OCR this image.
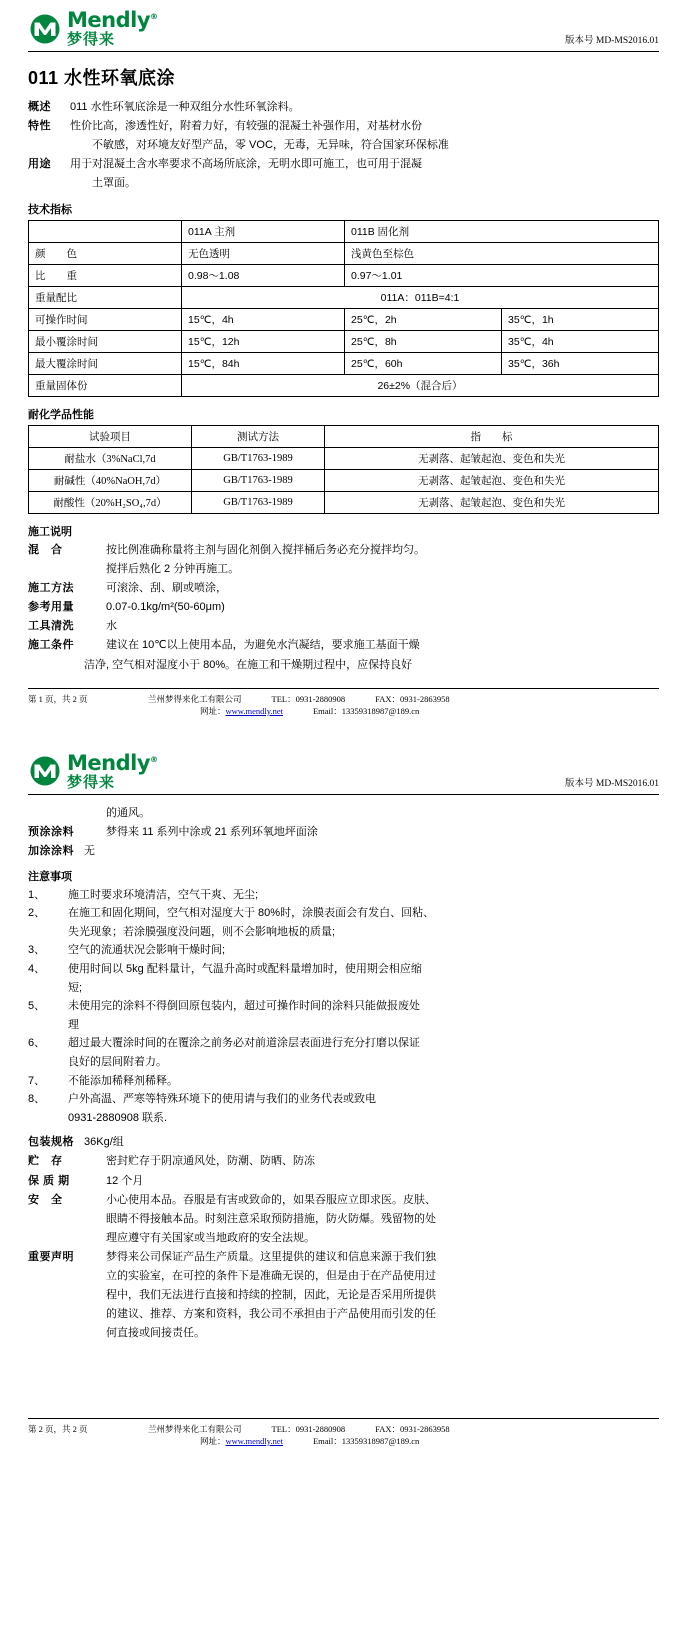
Mendly®
梦得来	版本号 MD-MS2016.01
011 水性环氧底涂
概述	011 水性环氧底涂是一种双组分水性环氧涂料。
特性	性价比高，渗透性好，附着力好，有较强的混凝土补强作用，对基材水份
不敏感，对环境友好型产品，零 VOC，无毒，无异味，符合国家环保标准
用途	用于对混凝土含水率要求不高场所底涂，无明水即可施工，也可用于混凝
土罩面。
技术指标
	011A 主剂	011B 固化剂	
颜　　色	无色透明	浅黄色至棕色	
比　　重	0.98～1.08	0.97～1.01	
重量配比	011A：011B=4:1		
可操作时间	15℃，4h	25℃，2h	35℃，1h
最小覆涂时间	15℃，12h	25℃，8h	35℃，4h
最大覆涂时间	15℃，84h	25℃，60h	35℃，36h
重量固体份	26±2%（混合后）		
耐化学品性能
试验项目	测试方法	指　　标
耐盐水（3%NaCl,7d	GB/T1763-1989	无剥落、起皱起泡、变色和失光
耐碱性（40%NaOH,7d）	GB/T1763-1989	无剥落、起皱起泡、变色和失光
耐酸性（20%H₂SO₄,7d）	GB/T1763-1989	无剥落、起皱起泡、变色和失光
施工说明
混　合	按比例准确称量将主剂与固化剂倒入搅拌桶后务必充分搅拌均匀。
搅拌后熟化 2 分钟再施工。
施工方法	可滚涂、刮、刷或喷涂，
参考用量	0.07-0.1kg/m²(50-60μm)
工具清洗	水
施工条件	建议在 10℃以上使用本品，为避免水汽凝结，要求施工基面干燥
洁净, 空气相对湿度小于 80%。在施工和干燥期过程中，应保持良好
第 1 页，共 2 页	兰州梦得来化工有限公司	TEL：0931-2880908	FAX：0931-2863958
网址：www.mendly.net	Email：13359318987@189.cn
Mendly®
梦得来	版本号 MD-MS2016.01
的通风。
预涂涂料	梦得来 11 系列中涂或 21 系列环氧地坪面涂
加涂涂料 无
注意事项
1、	施工时要求环境清洁，空气干爽、无尘;
2、	在施工和固化期间，空气相对湿度大于 80%时，涂膜表面会有发白、回粘、
失光现象；若涂膜强度没问题，则不会影响地板的质量;
3、	空气的流通状况会影响干燥时间;
4、	使用时间以 5kg 配料量计，气温升高时或配料量增加时，使用期会相应缩
短;
5、	未使用完的涂料不得倒回原包装内，超过可操作时间的涂料只能做报废处
理
6、	超过最大覆涂时间的在覆涂之前务必对前道涂层表面进行充分打磨以保证
良好的层间附着力。
7、	不能添加稀释剂稀释。
8、	户外高温、严寒等特殊环境下的使用请与我们的业务代表或致电
0931-2880908 联系.
包装规格 36Kg/组
贮　存	密封贮存于阴凉通风处，防潮、防晒、防冻
保 质 期	12 个月
安　全	小心使用本品。吞服是有害或致命的，如果吞服应立即求医。皮肤、
眼睛不得接触本品。时刻注意采取预防措施，防火防爆。残留物的处
理应遵守有关国家或当地政府的安全法规。
重要声明	梦得来公司保证产品生产质量。这里提供的建议和信息来源于我们独
立的实验室，在可控的条件下是准确无误的，但是由于在产品使用过
程中，我们无法进行直接和持续的控制，因此，无论是否采用所提供
的建议、推荐、方案和资料，我公司不承担由于产品使用而引发的任
何直接或间接责任。
第 2 页，共 2 页	兰州梦得来化工有限公司	TEL：0931-2880908	FAX：0931-2863958
网址：www.mendly.net	Email：13359318987@189.cn
